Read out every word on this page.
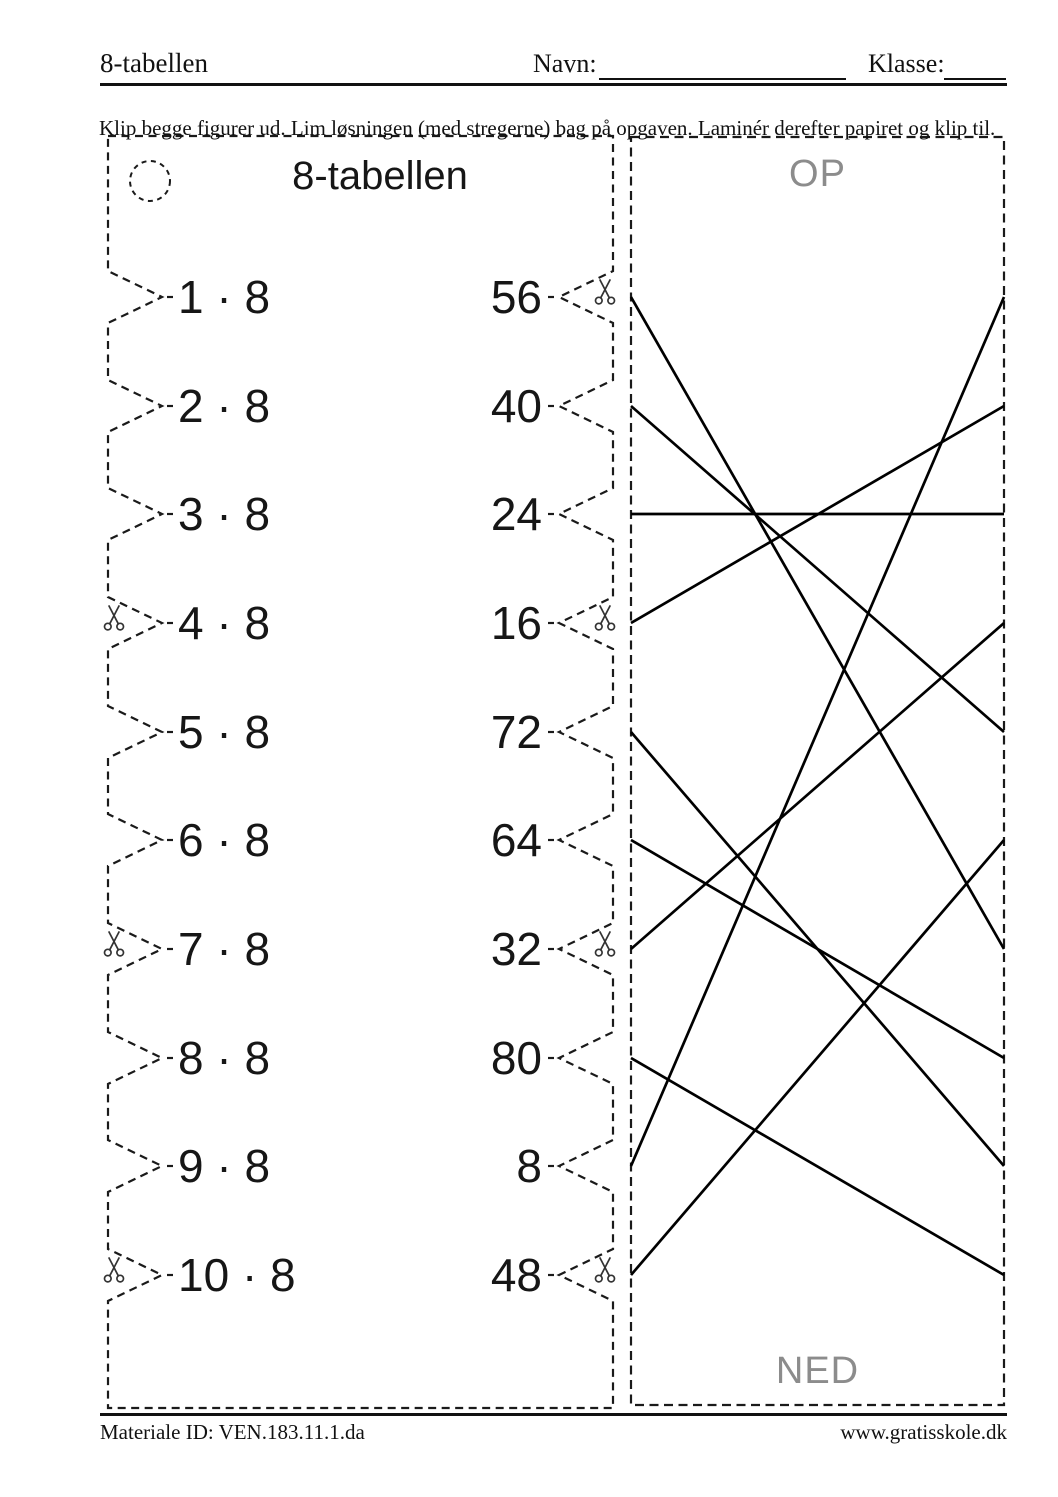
8-tabellen	Navn:	Klasse:

Klip begge figurer ud. Lim løsningen (med stregerne) bag på opgaven. Laminér derefter papiret og klip til.

8-tabellen
1 · 8	56
2 · 8	40
3 · 8	24
4 · 8	16
5 · 8	72
6 · 8	64
7 · 8	32
8 · 8	80
9 · 8	8
10 · 8	48
OP
NED
Materiale ID: VEN.183.11.1.da	www.gratisskole.dk
